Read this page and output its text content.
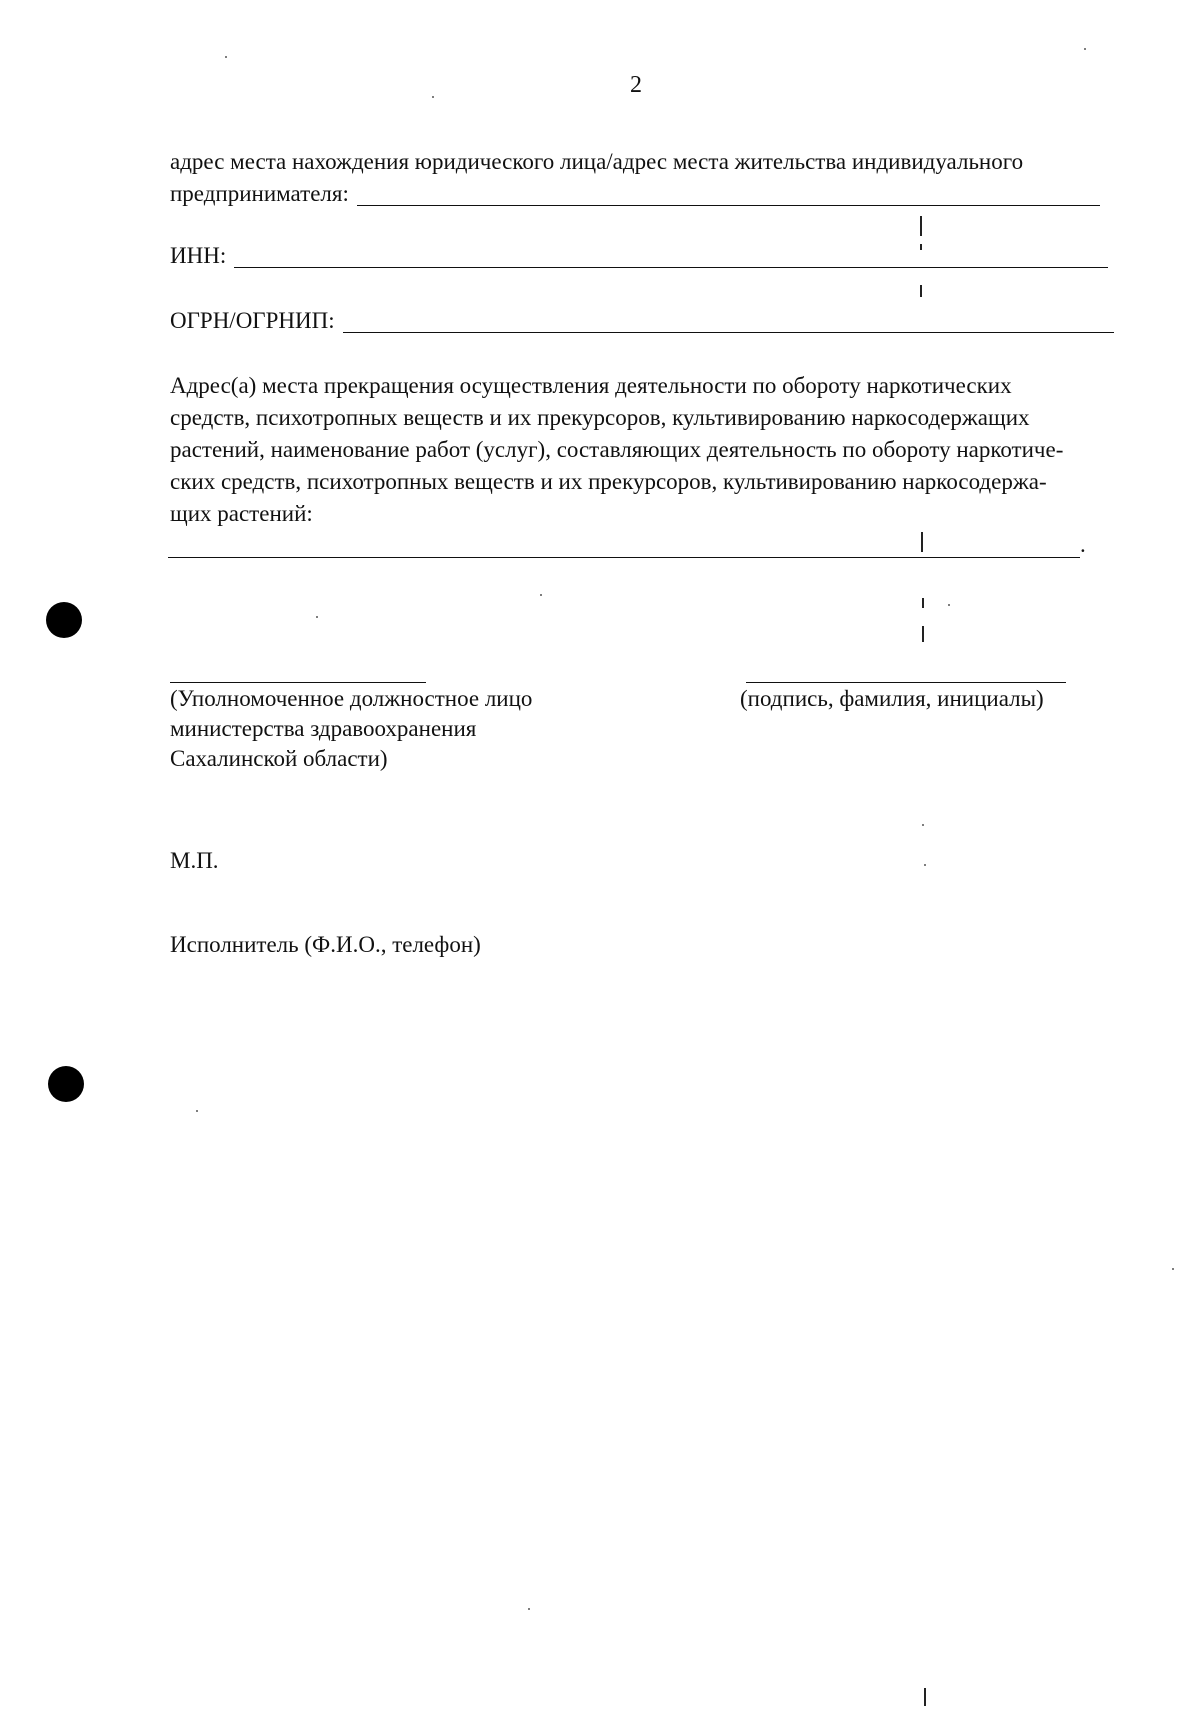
2
адрес места нахождения юридического лица/адрес места жительства индивидуального
предпринимателя:
ИНН:
ОГРН/ОГРНИП:
Адрес(а) места прекращения осуществления деятельности по обороту наркотических
средств, психотропных веществ и их прекурсоров, культивированию наркосодержащих
растений, наименование работ (услуг), составляющих деятельность по обороту наркотиче-
ских средств, психотропных веществ и их прекурсоров, культивированию наркосодержа-
щих растений:
.
(Уполномоченное должностное лицо
министерства здравоохранения
Сахалинской области)
(подпись, фамилия, инициалы)
М.П.
Исполнитель (Ф.И.О., телефон)
